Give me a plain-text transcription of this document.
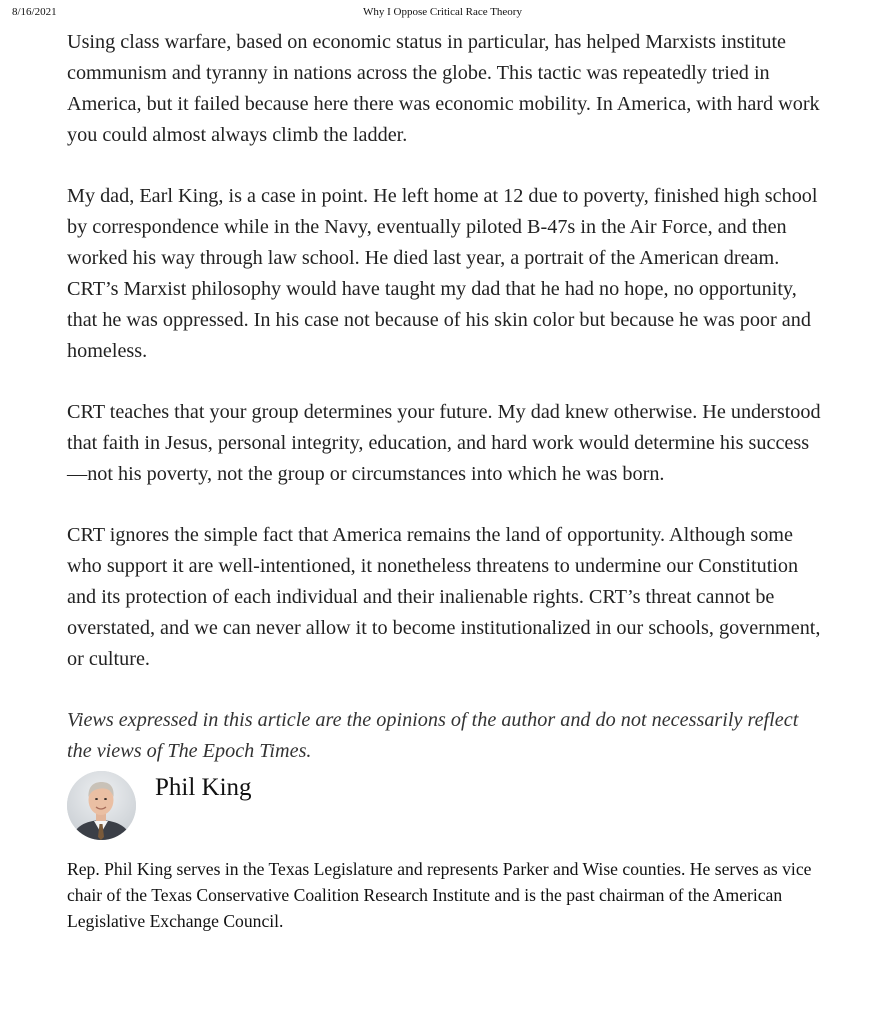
8/16/2021	Why I Oppose Critical Race Theory

Using class warfare, based on economic status in particular, has helped Marxists institute communism and tyranny in nations across the globe. This tactic was repeatedly tried in America, but it failed because here there was economic mobility. In America, with hard work you could almost always climb the ladder.

My dad, Earl King, is a case in point. He left home at 12 due to poverty, finished high school by correspondence while in the Navy, eventually piloted B-47s in the Air Force, and then worked his way through law school. He died last year, a portrait of the American dream. CRT’s Marxist philosophy would have taught my dad that he had no hope, no opportunity, that he was oppressed. In his case not because of his skin color but because he was poor and homeless.

CRT teaches that your group determines your future. My dad knew otherwise. He understood that faith in Jesus, personal integrity, education, and hard work would determine his success—not his poverty, not the group or circumstances into which he was born.

CRT ignores the simple fact that America remains the land of opportunity. Although some who support it are well-intentioned, it nonetheless threatens to undermine our Constitution and its protection of each individual and their inalienable rights. CRT’s threat cannot be overstated, and we can never allow it to become institutionalized in our schools, government, or culture.

Views expressed in this article are the opinions of the author and do not necessarily reflect the views of The Epoch Times.

Phil King

Rep. Phil King serves in the Texas Legislature and represents Parker and Wise counties. He serves as vice chair of the Texas Conservative Coalition Research Institute and is the past chairman of the American Legislative Exchange Council.
